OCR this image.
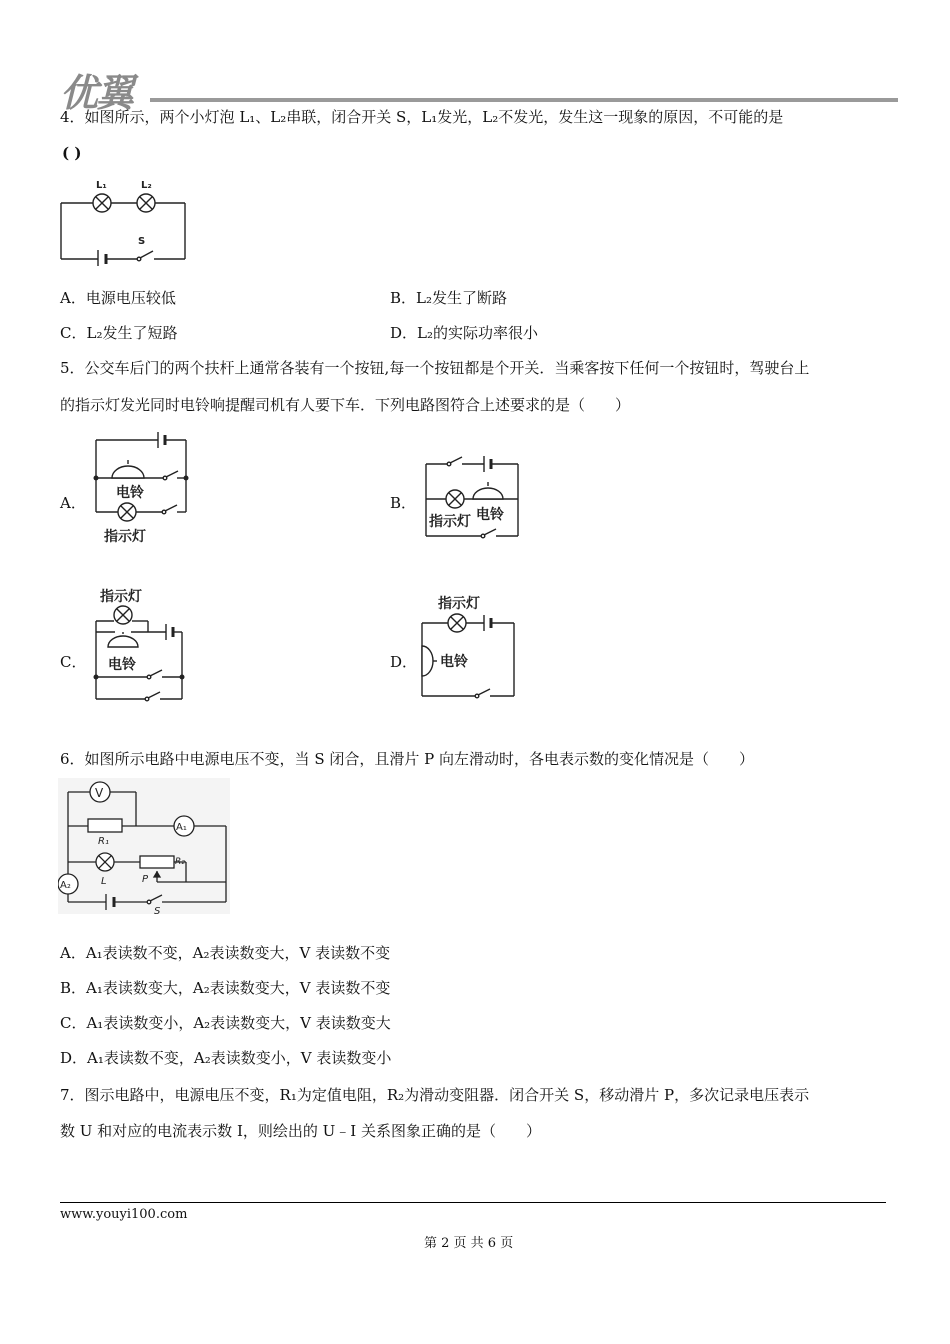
优翼
4．如图所示，两个小灯泡 L₁、L₂串联，闭合开关 S，L₁发光，L₂不发光，发生这一现象的原因，不可能的是
( )
L₁	L₂
S
A．电源电压较低	B．L₂发生了断路
C．L₂发生了短路	D．L₂的实际功率很小
5．公交车后门的两个扶杆上通常各装有一个按钮,每一个按钮都是个开关．当乘客按下任何一个按钮时，驾驶台上
的指示灯发光同时电铃响提醒司机有人要下车．下列电路图符合上述要求的是（　　）
A．
电铃
指示灯
B．
指示灯 电铃
C．
指示灯
电铃	D．
指示灯
电铃
6．如图所示电路中电源电压不变，当 S 闭合，且滑片 P 向左滑动时，各电表示数的变化情况是（　　）
V
R₁
A₁
L
R₂
P
A₂
S
A．A₁表读数不变，A₂表读数变大，V 表读数不变
B．A₁表读数变大，A₂表读数变大，V 表读数不变
C．A₁表读数变小，A₂表读数变大，V 表读数变大
D．A₁表读数不变，A₂表读数变小，V 表读数变小
7．图示电路中，电源电压不变，R₁为定值电阻，R₂为滑动变阻器．闭合开关 S，移动滑片 P，多次记录电压表示
数 U 和对应的电流表示数 I，则绘出的 U﹣I 关系图象正确的是（　　）
www.youyi100.com
第 2 页 共 6 页
